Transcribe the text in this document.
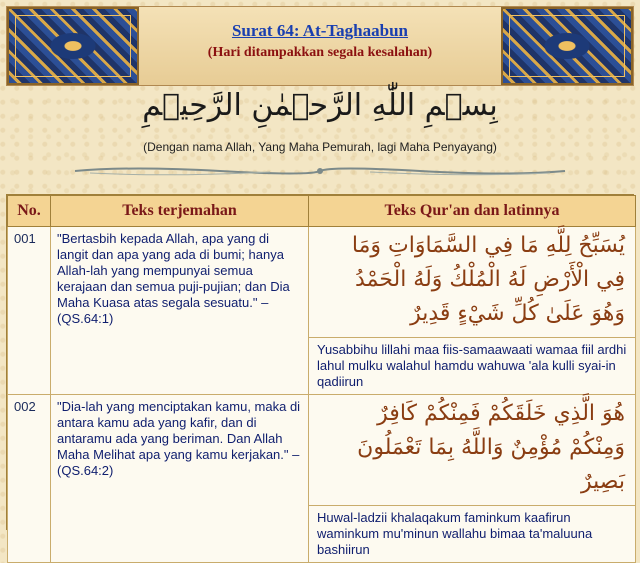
Surat 64: At-Taghaabun
(Hari ditampakkan segala kesalahan)
بِسۡمِ اللّٰهِ الرَّحۡمٰنِ الرَّحِيۡمِ
(Dengan nama Allah, Yang Maha Pemurah, lagi Maha Penyayang)
No.	Teks terjemahan	Teks Qur'an dan latinnya
001	"Bertasbih kepada Allah, apa yang di langit dan apa yang ada di bumi; hanya Allah-lah yang mempunyai semua kerajaan dan semua puji-pujian; dan Dia Maha Kuasa atas segala sesuatu." – (QS.64:1)	يُسَبِّحُ لِلَّهِ مَا فِي السَّمَاوَاتِ وَمَا فِي الْأَرْضِ لَهُ الْمُلْكُ وَلَهُ الْحَمْدُ وَهُوَ عَلَىٰ كُلِّ شَيْءٍ قَدِيرٌ

		Yusabbihu lillahi maa fiis-samaawaati wamaa fiil ardhi lahul mulku walahul hamdu wahuwa 'ala kulli syai-in qadiirun

002	"Dia-lah yang menciptakan kamu, maka di antara kamu ada yang kafir, dan di antaramu ada yang beriman. Dan Allah Maha Melihat apa yang kamu kerjakan." – (QS.64:2)	هُوَ الَّذِي خَلَقَكُمْ فَمِنْكُمْ كَافِرٌ وَمِنْكُمْ مُؤْمِنٌ وَاللَّهُ بِمَا تَعْمَلُونَ بَصِيرٌ

		Huwal-ladzii khalaqakum faminkum kaafirun waminkum mu'minun wallahu bimaa ta'maluuna bashiirun
